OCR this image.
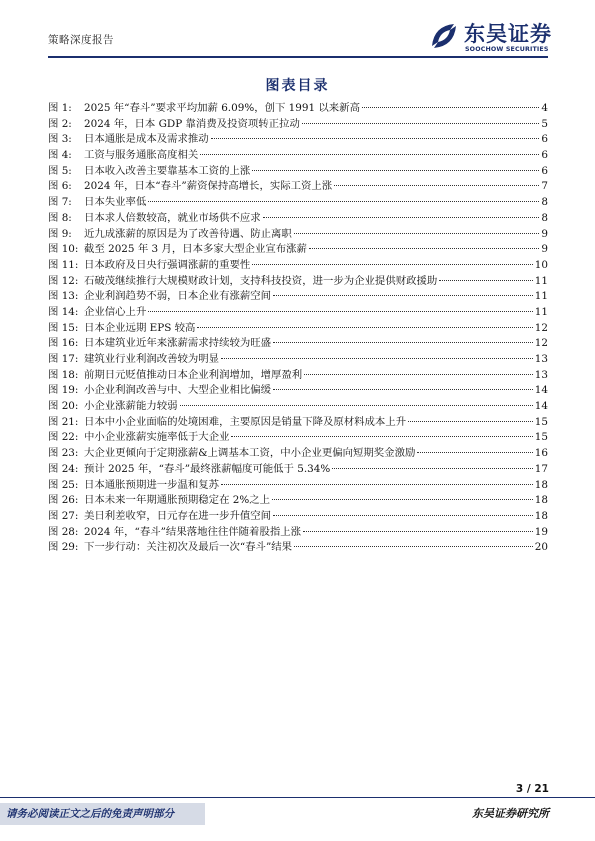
策略深度报告	东吴证券
SOOCHOW SECURITIES
图表目录
图 1:	2025 年“春斗”要求平均加薪 6.09%，创下 1991 以来新高	4
图 2:	2024 年，日本 GDP 靠消费及投资项转正拉动	5
图 3:	日本通胀是成本及需求推动	6
图 4:	工资与服务通胀高度相关	6
图 5:	日本收入改善主要靠基本工资的上涨	6
图 6:	2024 年，日本“春斗”薪资保持高增长，实际工资上涨	7
图 7:	日本失业率低	8
图 8:	日本求人倍数较高，就业市场供不应求	8
图 9:	近九成涨薪的原因是为了改善待遇、防止离职	9
图 10: 截至 2025 年 3 月，日本多家大型企业宣布涨薪	9
图 11: 日本政府及日央行强调涨薪的重要性	10
图 12: 石破茂继续推行大规模财政计划，支持科技投资，进一步为企业提供财政援助	11
图 13: 企业利润趋势不弱，日本企业有涨薪空间	11
图 14: 企业信心上升	11
图 15: 日本企业远期 EPS 较高	12
图 16: 日本建筑业近年来涨薪需求持续较为旺盛	12
图 17: 建筑业行业利润改善较为明显	13
图 18: 前期日元贬值推动日本企业利润增加，增厚盈利	13
图 19: 小企业利润改善与中、大型企业相比偏缓	14
图 20: 小企业涨薪能力较弱	14
图 21: 日本中小企业面临的处境困难，主要原因是销量下降及原材料成本上升	15
图 22: 中小企业涨薪实施率低于大企业	15
图 23: 大企业更倾向于定期涨薪&上调基本工资，中小企业更偏向短期奖金激励	16
图 24: 预计 2025 年，“春斗”最终涨薪幅度可能低于 5.34%	17
图 25: 日本通胀预期进一步温和复苏	18
图 26: 日本未来一年期通胀预期稳定在 2%之上	18
图 27: 美日利差收窄，日元存在进一步升值空间	18
图 28: 2024 年，“春斗”结果落地往往伴随着股指上涨	19
图 29: 下一步行动：关注初次及最后一次“春斗”结果	20
3 / 21
请务必阅读正文之后的免责声明部分	东吴证券研究所
